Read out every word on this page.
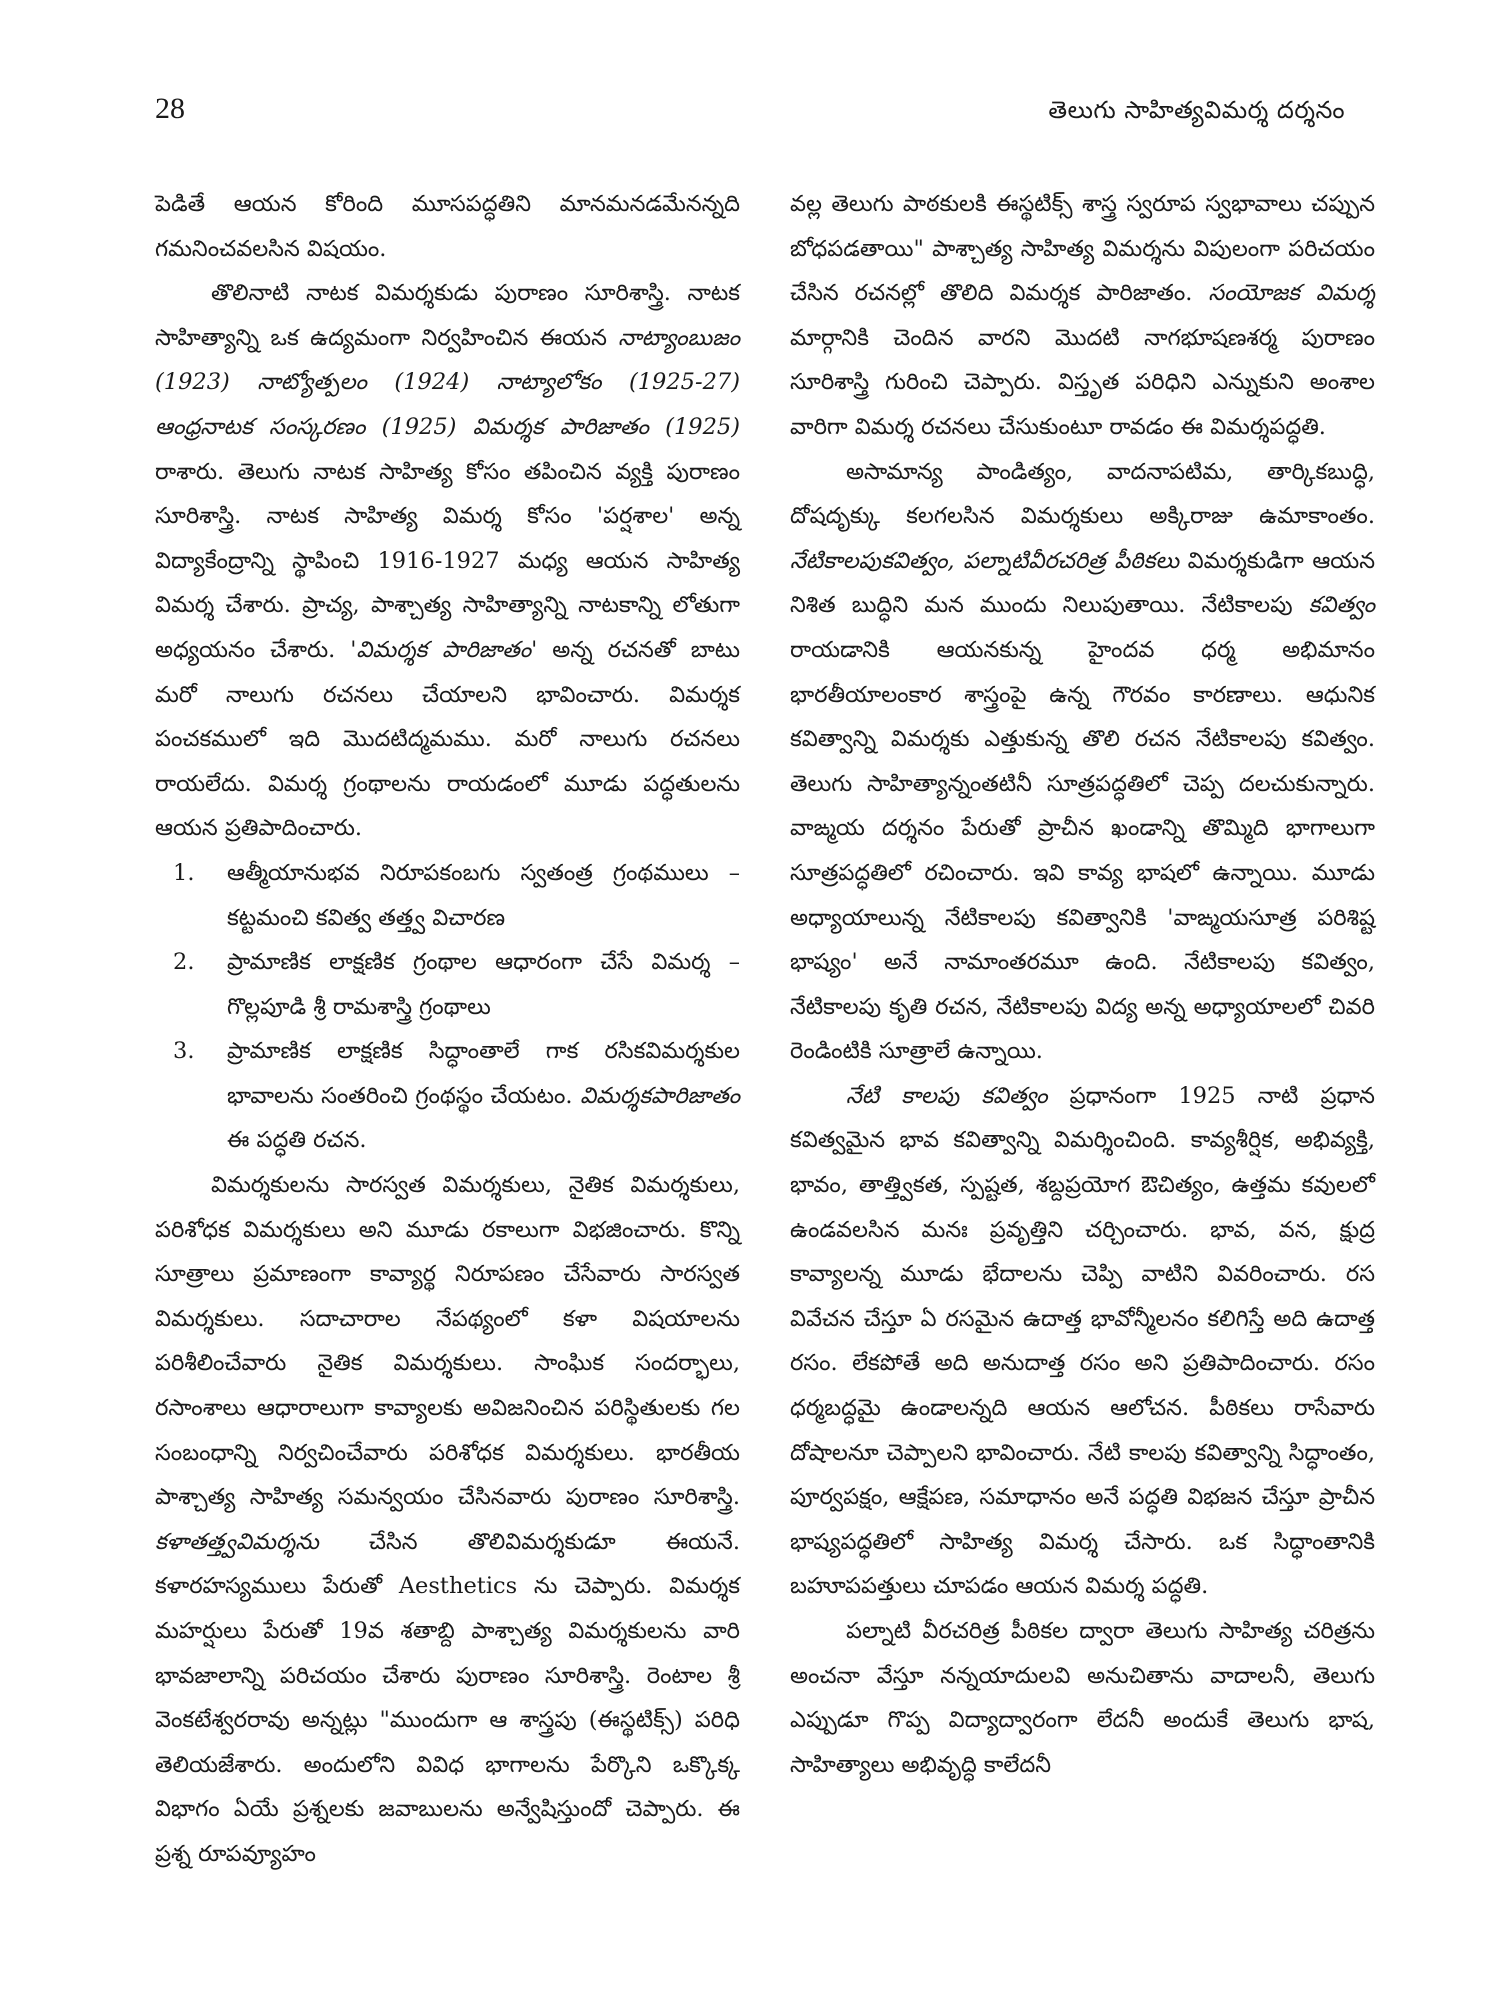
28	తెలుగు సాహిత్యవిమర్శ దర్శనం

పెడితే ఆయన కోరింది మూసపద్ధతిని మానమనడమేనన్నది గమనించవలసిన విషయం.

తొలినాటి నాటక విమర్శకుడు పురాణం సూరిశాస్త్రి. నాటక సాహిత్యాన్ని ఒక ఉద్యమంగా నిర్వహించిన ఈయన నాట్యాంబుజం (1923) నాట్యోత్పలం (1924) నాట్యాలోకం (1925-27) ఆంధ్రనాటక సంస్కరణం (1925) విమర్శక పారిజాతం (1925) రాశారు. తెలుగు నాటక సాహిత్య కోసం తపించిన వ్యక్తి పురాణం సూరిశాస్త్రి. నాటక సాహిత్య విమర్శ కోసం 'పర్షశాల' అన్న విద్యాకేంద్రాన్ని స్థాపించి 1916-1927 మధ్య ఆయన సాహిత్య విమర్శ చేశారు. ప్రాచ్య, పాశ్చాత్య సాహిత్యాన్ని నాటకాన్ని లోతుగా అధ్యయనం చేశారు. 'విమర్శక పారిజాతం' అన్న రచనతో బాటు మరో నాలుగు రచనలు చేయాలని భావించారు. విమర్శక పంచకములో ఇది మొదటిద్మమము. మరో నాలుగు రచనలు రాయలేదు. విమర్శ గ్రంథాలను రాయడంలో మూడు పద్ధతులను ఆయన ప్రతిపాదించారు.

1. ఆత్మీయానుభవ నిరూపకంబగు స్వతంత్ర గ్రంథములు – కట్టమంచి కవిత్వ తత్త్వ విచారణ
2. ప్రామాణిక లాక్షణిక గ్రంథాల ఆధారంగా చేసే విమర్శ – గొల్లపూడి శ్రీ రామశాస్త్రి గ్రంథాలు
3. ప్రామాణిక లాక్షణిక సిద్ధాంతాలే గాక రసికవిమర్శకుల భావాలను సంతరించి గ్రంథస్థం చేయటం. విమర్శకపారిజాతం ఈ పద్ధతి రచన.

విమర్శకులను సారస్వత విమర్శకులు, నైతిక విమర్శకులు, పరిశోధక విమర్శకులు అని మూడు రకాలుగా విభజించారు. కొన్ని సూత్రాలు ప్రమాణంగా కావ్యార్థ నిరూపణం చేసేవారు సారస్వత విమర్శకులు. సదాచారాల నేపథ్యంలో కళా విషయాలను పరిశీలించేవారు నైతిక విమర్శకులు. సాంఘిక సందర్భాలు, రసాంశాలు ఆధారాలుగా కావ్యాలకు అవిజనించిన పరిస్థితులకు గల సంబంధాన్ని నిర్వచించేవారు పరిశోధక విమర్శకులు. భారతీయ పాశ్చాత్య సాహిత్య సమన్వయం చేసినవారు పురాణం సూరిశాస్త్రి. కళాతత్త్వవిమర్శను చేసిన తొలివిమర్శకుడూ ఈయనే. కళారహస్యములు పేరుతో Aesthetics ను చెప్పారు. విమర్శక మహర్షులు పేరుతో 19వ శతాబ్ది పాశ్చాత్య విమర్శకులను వారి భావజాలాన్ని పరిచయం చేశారు పురాణం సూరిశాస్త్రి. రెంటాల శ్రీ వెంకటేశ్వరరావు అన్నట్లు "ముందుగా ఆ శాస్త్రపు (ఈస్థటిక్స్) పరిధి తెలియజేశారు. అందులోని వివిధ భాగాలను పేర్కొని ఒక్కొక్క విభాగం ఏయే ప్రశ్నలకు జవాబులను అన్వేషిస్తుందో చెప్పారు. ఈ ప్రశ్న రూపవ్యూహం

వల్ల తెలుగు పాఠకులకి ఈస్థటిక్స్ శాస్త్ర స్వరూప స్వభావాలు చప్పున బోధపడతాయి" పాశ్చాత్య సాహిత్య విమర్శను విపులంగా పరిచయం చేసిన రచనల్లో తొలిది విమర్శక పారిజాతం. సంయోజక విమర్శ మార్గానికి చెందిన వారని మొదటి నాగభూషణశర్మ పురాణం సూరిశాస్త్రి గురించి చెప్పారు. విస్తృత పరిధిని ఎన్నుకుని అంశాల వారిగా విమర్శ రచనలు చేసుకుంటూ రావడం ఈ విమర్శపద్ధతి.

అసామాన్య పాండిత్యం, వాదనాపటిమ, తార్కికబుద్ధి, దోషదృక్కు కలగలసిన విమర్శకులు అక్కిరాజు ఉమాకాంతం. నేటికాలపుకవిత్వం, పల్నాటివీరచరిత్ర పీఠికలు విమర్శకుడిగా ఆయన నిశిత బుద్ధిని మన ముందు నిలుపుతాయి. నేటికాలపు కవిత్వం రాయడానికి ఆయనకున్న హైందవ ధర్మ అభిమానం భారతీయాలంకార శాస్త్రంపై ఉన్న గౌరవం కారణాలు. ఆధునిక కవిత్వాన్ని విమర్శకు ఎత్తుకున్న తొలి రచన నేటికాలపు కవిత్వం. తెలుగు సాహిత్యాన్నంతటినీ సూత్రపద్ధతిలో చెప్ప దలచుకున్నారు. వాఙ్మయ దర్శనం పేరుతో ప్రాచీన ఖండాన్ని తొమ్మిది భాగాలుగా సూత్రపద్ధతిలో రచించారు. ఇవి కావ్య భాషలో ఉన్నాయి. మూడు అధ్యాయాలున్న నేటికాలపు కవిత్వానికి 'వాఙ్మయసూత్ర పరిశిష్ట భాష్యం' అనే నామాంతరమూ ఉంది. నేటికాలపు కవిత్వం, నేటికాలపు కృతి రచన, నేటికాలపు విద్య అన్న అధ్యాయాలలో చివరి రెండింటికి సూత్రాలే ఉన్నాయి.

నేటి కాలపు కవిత్వం ప్రధానంగా 1925 నాటి ప్రధాన కవిత్వమైన భావ కవిత్వాన్ని విమర్శించింది. కావ్యశీర్షిక, అభివ్యక్తి, భావం, తాత్త్వికత, స్పష్టత, శబ్దప్రయోగ ఔచిత్యం, ఉత్తమ కవులలో ఉండవలసిన మనః ప్రవృత్తిని చర్చించారు. భావ, వన, క్షుద్ర కావ్యాలన్న మూడు భేదాలను చెప్పి వాటిని వివరించారు. రస వివేచన చేస్తూ ఏ రసమైన ఉదాత్త భావోన్మీలనం కలిగిస్తే అది ఉదాత్త రసం. లేకపోతే అది అనుదాత్త రసం అని ప్రతిపాదించారు. రసం ధర్మబద్ధమై ఉండాలన్నది ఆయన ఆలోచన. పీఠికలు రాసేవారు దోషాలనూ చెప్పాలని భావించారు. నేటి కాలపు కవిత్వాన్ని సిద్ధాంతం, పూర్వపక్షం, ఆక్షేపణ, సమాధానం అనే పద్ధతి విభజన చేస్తూ ప్రాచీన భాష్యపద్ధతిలో సాహిత్య విమర్శ చేసారు. ఒక సిద్ధాంతానికి బహూపపత్తులు చూపడం ఆయన విమర్శ పద్ధతి.

పల్నాటి వీరచరిత్ర పీఠికల ద్వారా తెలుగు సాహిత్య చరిత్రను అంచనా వేస్తూ నన్నయాదులవి అనుచితాను వాదాలనీ, తెలుగు ఎప్పుడూ గొప్ప విద్యాద్వారంగా లేదనీ అందుకే తెలుగు భాష, సాహిత్యాలు అభివృద్ధి కాలేదనీ
